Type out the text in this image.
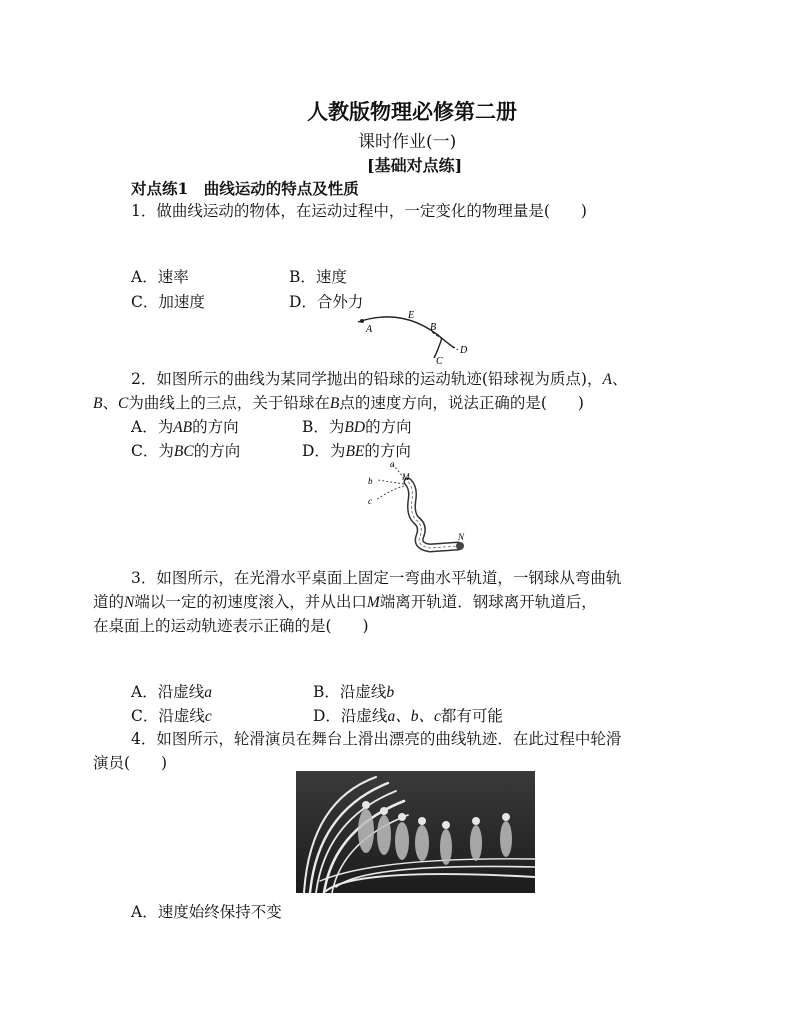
人教版物理必修第二册
课时作业(一)
[基础对点练]
对点练1　曲线运动的特点及性质
1．做曲线运动的物体，在运动过程中，一定变化的物理量是(　　)
A．速率	B．速度
C．加速度	D．合外力
A
E
B
D
C
2．如图所示的曲线为某同学抛出的铅球的运动轨迹(铅球视为质点)，A、
B、C为曲线上的三点，关于铅球在B点的速度方向，说法正确的是(　　)
A．为AB的方向	B．为BD的方向
C．为BC的方向	D．为BE的方向
a
b
c
M
N
3．如图所示，在光滑水平桌面上固定一弯曲水平轨道，一钢球从弯曲轨
道的N端以一定的初速度滚入，并从出口M端离开轨道．钢球离开轨道后，
在桌面上的运动轨迹表示正确的是(　　)
A．沿虚线a	B．沿虚线b
C．沿虚线c	D．沿虚线a、b、c都有可能
4．如图所示，轮滑演员在舞台上滑出漂亮的曲线轨迹．在此过程中轮滑
演员(　　)
A．速度始终保持不变
